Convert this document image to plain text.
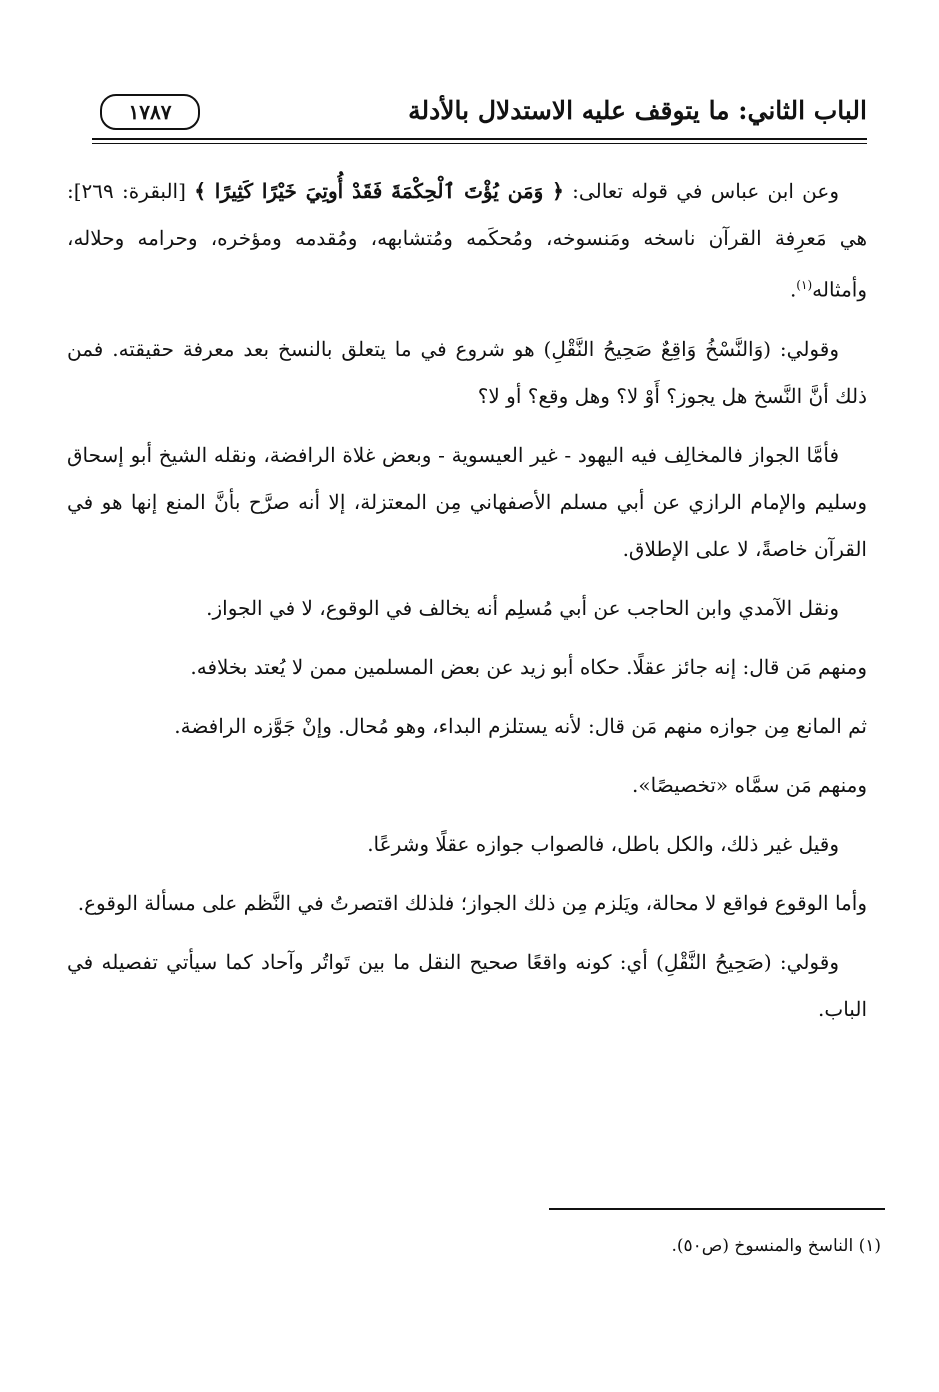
الباب الثاني: ما يتوقف عليه الاستدلال بالأدلة
١٧٨٧

وعن ابن عباس في قوله تعالى: ﴿ وَمَن يُؤْتَ ٱلْحِكْمَةَ فَقَدْ أُوتِيَ خَيْرًا كَثِيرًا ﴾ [البقرة: ٢٦٩]: هي مَعرِفة القرآن ناسخه ومَنسوخه، ومُحكَمه ومُتشابهه، ومُقدمه ومؤخره، وحرامه وحلاله، وأمثاله$^{(١)}$.

وقولي: (وَالنَّسْخُ وَاقِعٌ صَحِيحُ النَّقْلِ) هو شروع في ما يتعلق بالنسخ بعد معرفة حقيقته. فمن ذلك أنَّ النَّسخ هل يجوز؟ أَوْ لا؟ وهل وقع؟ أو لا؟

فأمَّا الجواز فالمخالِف فيه اليهود - غير العيسوية - وبعض غلاة الرافضة، ونقله الشيخ أبو إسحاق وسليم والإمام الرازي عن أبي مسلم الأصفهاني مِن المعتزلة، إلا أنه صرَّح بأنَّ المنع إنها هو في القرآن خاصةً، لا على الإطلاق.

ونقل الآمدي وابن الحاجب عن أبي مُسلِم أنه يخالف في الوقوع، لا في الجواز.

ومنهم مَن قال: إنه جائز عقلًا. حكاه أبو زيد عن بعض المسلمين ممن لا يُعتد بخلافه.

ثم المانع مِن جوازه منهم مَن قال: لأنه يستلزم البداء، وهو مُحال. وإنْ جَوَّزه الرافضة.

ومنهم مَن سمَّاه «تخصيصًا».

وقيل غير ذلك، والكل باطل، فالصواب جوازه عقلًا وشرعًا.

وأما الوقوع فواقع لا محالة، ويَلزم مِن ذلك الجواز؛ فلذلك اقتصرتُ في النَّظم على مسألة الوقوع.

وقولي: (صَحِيحُ النَّقْلِ) أي: كونه واقعًا صحيح النقل ما بين تَواتُر وآحاد كما سيأتي تفصيله في الباب.

(١) الناسخ والمنسوخ (ص٥٠).
